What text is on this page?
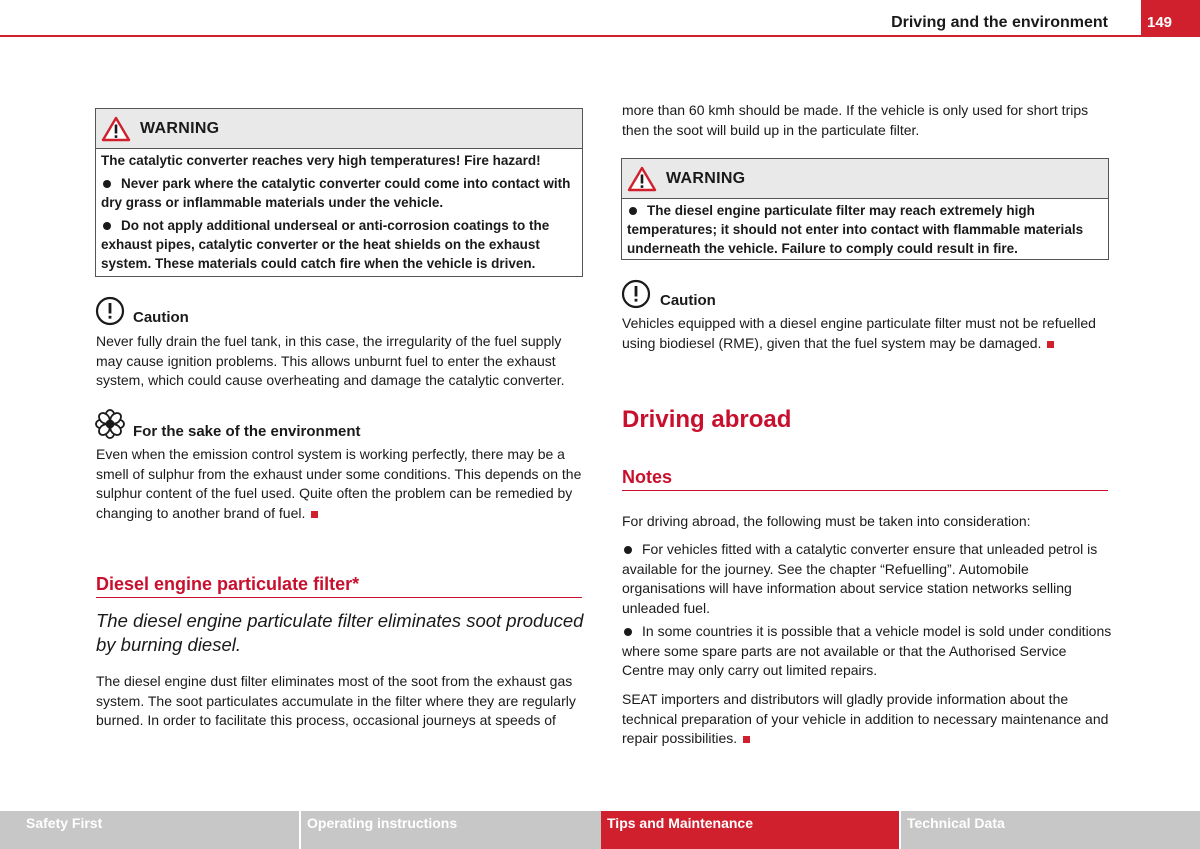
Driving and the environment	149
WARNING

The catalytic converter reaches very high temperatures! Fire hazard!

Never park where the catalytic converter could come into contact with dry grass or inflammable materials under the vehicle.

Do not apply additional underseal or anti-corrosion coatings to the exhaust pipes, catalytic converter or the heat shields on the exhaust system. These materials could catch fire when the vehicle is driven.

Caution
Never fully drain the fuel tank, in this case, the irregularity of the fuel supply may cause ignition problems. This allows unburnt fuel to enter the exhaust system, which could cause overheating and damage the catalytic converter.
For the sake of the environment
Even when the emission control system is working perfectly, there may be a smell of sulphur from the exhaust under some conditions. This depends on the sulphur content of the fuel used. Quite often the problem can be remedied by changing to another brand of fuel.
Diesel engine particulate filter*
The diesel engine particulate filter eliminates soot produced by burning diesel.
The diesel engine dust filter eliminates most of the soot from the exhaust gas system. The soot particulates accumulate in the filter where they are regularly burned. In order to facilitate this process, occasional journeys at speeds of
more than 60 kmh should be made. If the vehicle is only used for short trips then the soot will build up in the particulate filter.
WARNING

The diesel engine particulate filter may reach extremely high temperatures; it should not enter into contact with flammable materials underneath the vehicle. Failure to comply could result in fire.

Caution
Vehicles equipped with a diesel engine particulate filter must not be refuelled using biodiesel (RME), given that the fuel system may be damaged.
Driving abroad
Notes
For driving abroad, the following must be taken into consideration:
For vehicles fitted with a catalytic converter ensure that unleaded petrol is available for the journey. See the chapter “Refuelling”. Automobile organisations will have information about service station networks selling unleaded fuel.
In some countries it is possible that a vehicle model is sold under conditions where some spare parts are not available or that the Authorised Service Centre may only carry out limited repairs.
SEAT importers and distributors will gladly provide information about the technical preparation of your vehicle in addition to necessary maintenance and repair possibilities.
Safety First	Operating instructions	Tips and Maintenance	Technical Data
